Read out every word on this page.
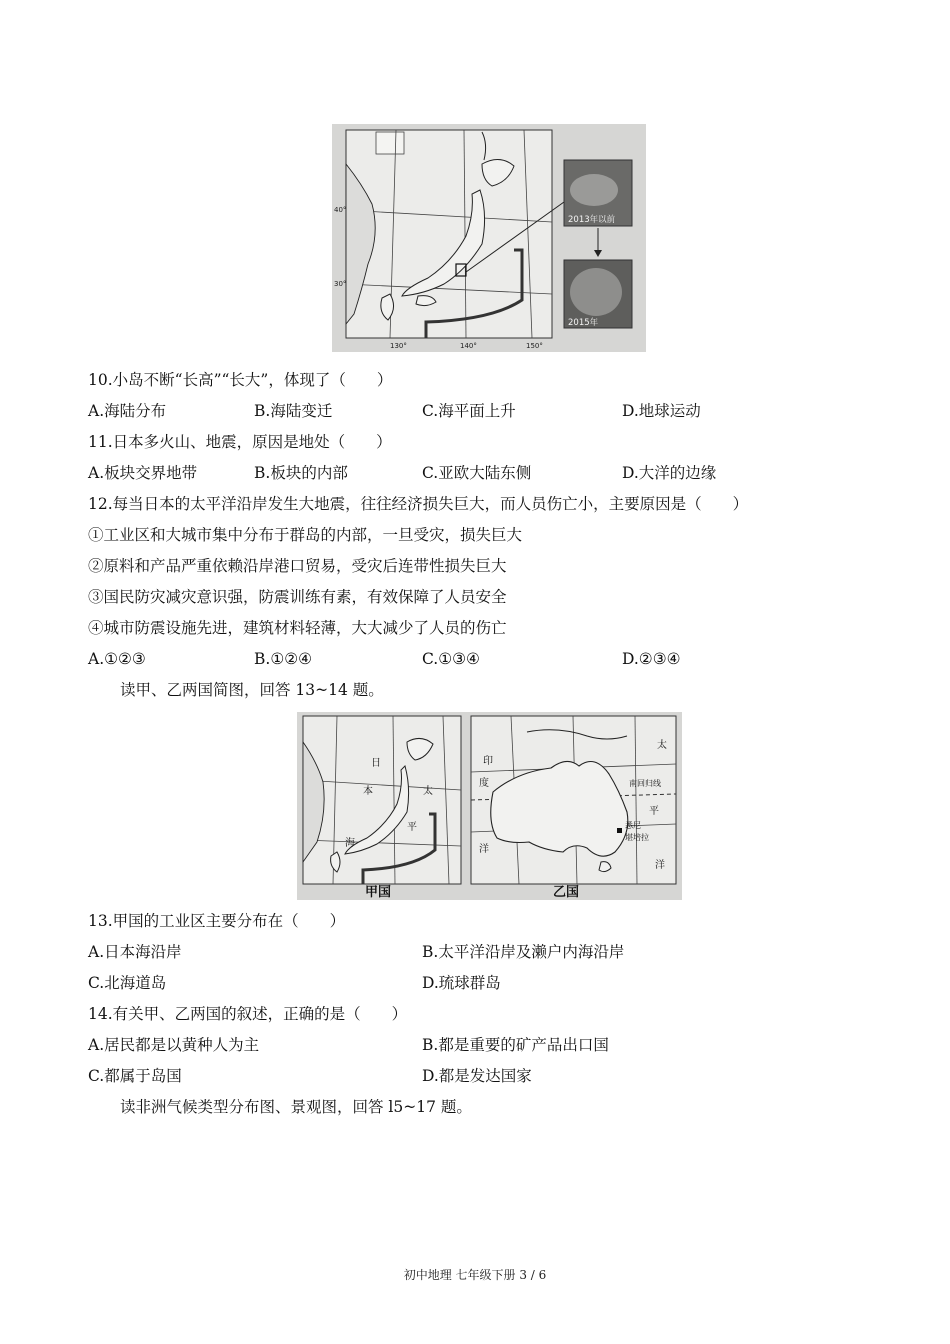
2013年以前
2015年
130°	140°	150°
40°
30°
10.小岛不断“长高”“长大”，体现了（　　）
A.海陆分布	B.海陆变迁	C.海平面上升	D.地球运动
11.日本多火山、地震，原因是地处（　　）
A.板块交界地带	B.板块的内部	C.亚欧大陆东侧	D.大洋的边缘
12.每当日本的太平洋沿岸发生大地震，往往经济损失巨大，而人员伤亡小，主要原因是（　　）
①工业区和大城市集中分布于群岛的内部，一旦受灾，损失巨大
②原料和产品严重依赖沿岸港口贸易，受灾后连带性损失巨大
③国民防灾减灾意识强，防震训练有素，有效保障了人员安全
④城市防震设施先进，建筑材料轻薄，大大减少了人员的伤亡
A.①②③	B.①②④	C.①③④	D.②③④
读甲、乙两国简图，回答 13~14 题。
日
本
海
太
平
甲国
印
度
洋
太
平
洋
南回归线
悉尼
堪培拉
乙国
13.甲国的工业区主要分布在（　　）
A.日本海沿岸	B.太平洋沿岸及濑户内海沿岸
C.北海道岛	D.琉球群岛
14.有关甲、乙两国的叙述，正确的是（　　）
A.居民都是以黄种人为主	B.都是重要的矿产品出口国
C.都属于岛国	D.都是发达国家
读非洲气候类型分布图、景观图，回答 l5~17 题。
初中地理 七年级下册 3 / 6
